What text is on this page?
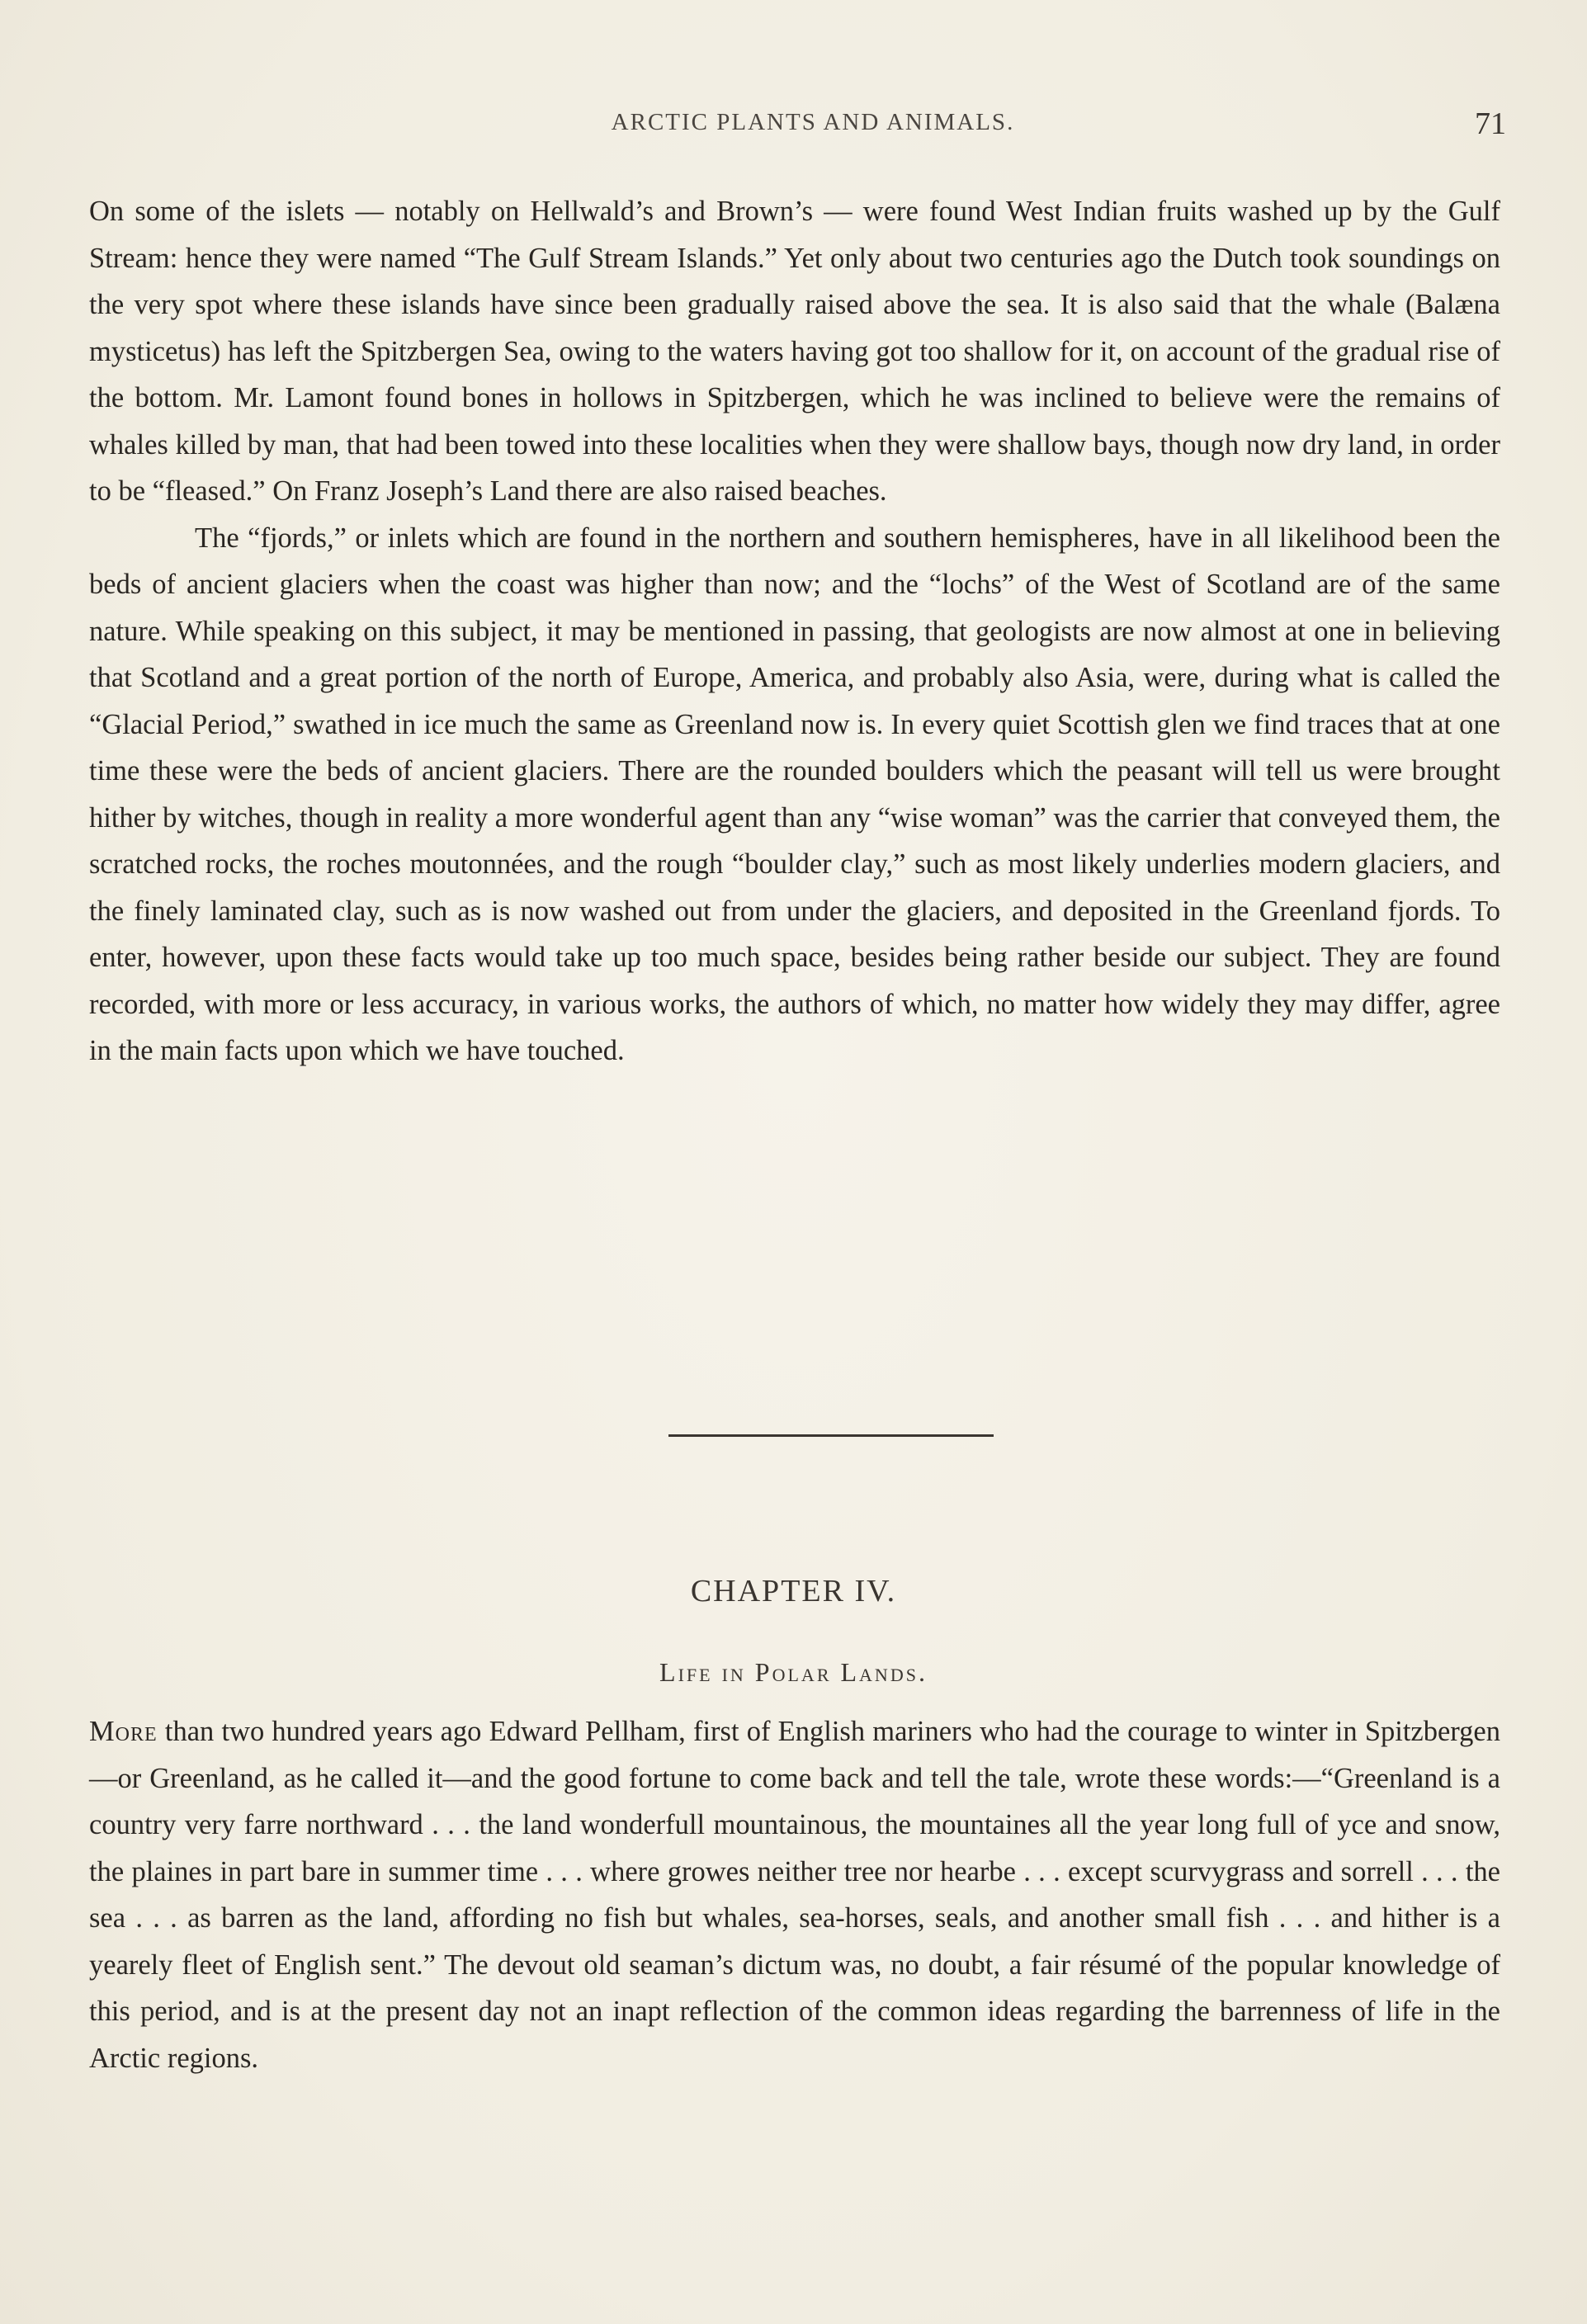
ARCTIC PLANTS AND ANIMALS.	71

On some of the islets — notably on Hellwald’s and Brown’s — were found West Indian fruits washed up by the Gulf Stream: hence they were named “The Gulf Stream Islands.” Yet only about two centuries ago the Dutch took soundings on the very spot where these islands have since been gradually raised above the sea. It is also said that the whale (Balæna mysticetus) has left the Spitzbergen Sea, owing to the waters having got too shallow for it, on account of the gradual rise of the bottom. Mr. Lamont found bones in hollows in Spitzbergen, which he was inclined to believe were the remains of whales killed by man, that had been towed into these localities when they were shallow bays, though now dry land, in order to be “fleased.” On Franz Joseph’s Land there are also raised beaches.

The “fjords,” or inlets which are found in the northern and southern hemispheres, have in all likelihood been the beds of ancient glaciers when the coast was higher than now; and the “lochs” of the West of Scotland are of the same nature. While speaking on this subject, it may be mentioned in passing, that geologists are now almost at one in believing that Scotland and a great portion of the north of Europe, America, and probably also Asia, were, during what is called the “Glacial Period,” swathed in ice much the same as Greenland now is. In every quiet Scottish glen we find traces that at one time these were the beds of ancient glaciers. There are the rounded boulders which the peasant will tell us were brought hither by witches, though in reality a more wonderful agent than any “wise woman” was the carrier that conveyed them, the scratched rocks, the roches moutonnées, and the rough “boulder clay,” such as most likely underlies modern glaciers, and the finely laminated clay, such as is now washed out from under the glaciers, and deposited in the Greenland fjords. To enter, however, upon these facts would take up too much space, besides being rather beside our subject. They are found recorded, with more or less accuracy, in various works, the authors of which, no matter how widely they may differ, agree in the main facts upon which we have touched.

CHAPTER IV.
Life in Polar Lands.

More than two hundred years ago Edward Pellham, first of English mariners who had the courage to winter in Spitzbergen—or Greenland, as he called it—and the good fortune to come back and tell the tale, wrote these words:—“Greenland is a country very farre northward . . . the land wonderfull mountainous, the mountaines all the year long full of yce and snow, the plaines in part bare in summer time . . . where growes neither tree nor hearbe . . . except scurvygrass and sorrell . . . the sea . . . as barren as the land, affording no fish but whales, sea-horses, seals, and another small fish . . . and hither is a yearely fleet of English sent.” The devout old seaman’s dictum was, no doubt, a fair résumé of the popular knowledge of this period, and is at the present day not an inapt reflection of the common ideas regarding the barrenness of life in the Arctic regions.
